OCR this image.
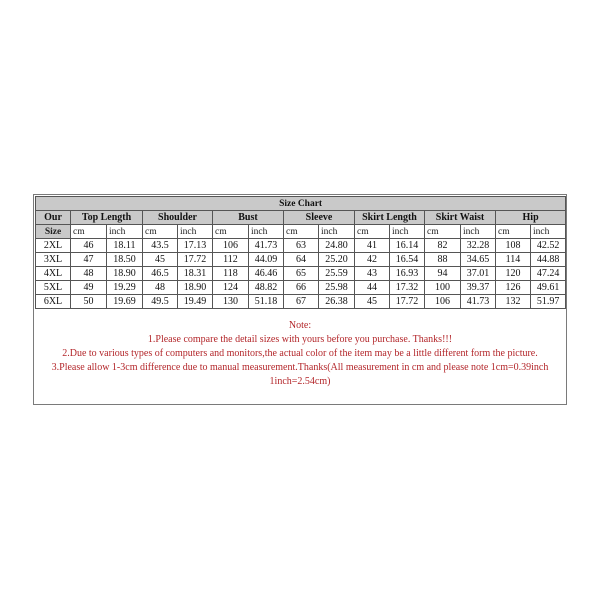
Size Chart														
Our	Top Length		Shoulder		Bust		Sleeve		Skirt Length		Skirt Waist		Hip	
Size	cm	inch	cm	inch	cm	inch	cm	inch	cm	inch	cm	inch	cm	inch
2XL	46	18.11	43.5	17.13	106	41.73	63	24.80	41	16.14	82	32.28	108	42.52
3XL	47	18.50	45	17.72	112	44.09	64	25.20	42	16.54	88	34.65	114	44.88
4XL	48	18.90	46.5	18.31	118	46.46	65	25.59	43	16.93	94	37.01	120	47.24
5XL	49	19.29	48	18.90	124	48.82	66	25.98	44	17.32	100	39.37	126	49.61
6XL	50	19.69	49.5	19.49	130	51.18	67	26.38	45	17.72	106	41.73	132	51.97
Note:
1.Please compare the detail sizes with yours before you purchase. Thanks!!!
2.Due to various types of computers and monitors,the actual color of the item may be a little different form the picture.
3.Please allow 1-3cm difference due to manual measurement.Thanks(All measurement in cm and please note 1cm=0.39inch
1inch=2.54cm)
